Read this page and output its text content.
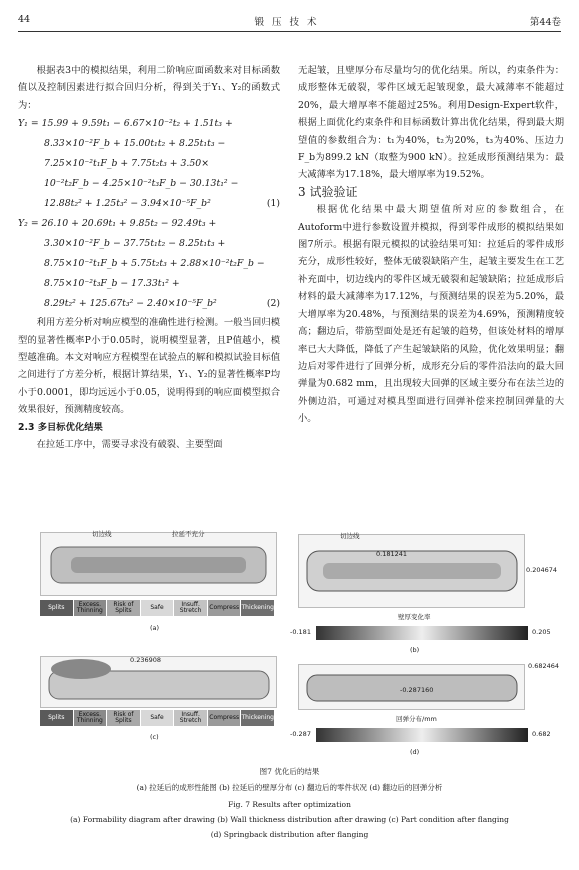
44	锻压技术	第44卷

根据表3中的模拟结果，利用二阶响应面函数来对目标函数值以及控制因素进行拟合回归分析，得到关于Y₁、Y₂的函数式为：

Y₁ = 15.99 + 9.59t₁ − 6.67×10⁻²t₂ + 1.51t₃ +
8.33×10⁻²F_b + 15.00t₁t₂ + 8.25t₁t₃ −
7.25×10⁻²t₁F_b + 7.75t₂t₃ + 3.50×
10⁻²t₂F_b − 4.25×10⁻²t₃F_b − 30.13t₁² −
12.88t₂² + 1.25t₃² − 3.94×10⁻⁵F_b²	(1)
Y₂ = 26.10 + 20.69t₁ + 9.85t₂ − 92.49t₃ +
3.30×10⁻²F_b − 37.75t₁t₂ − 8.25t₁t₃ +
8.75×10⁻²t₁F_b + 5.75t₂t₃ + 2.88×10⁻²t₂F_b −
8.75×10⁻²t₃F_b − 17.33t₁² +
8.29t₂² + 125.67t₃² − 2.40×10⁻⁵F_b²	(2)

利用方差分析对响应模型的准确性进行检测。一般当回归模型的显著性概率P小于0.05时，说明模型显著，且P值越小，模型越准确。本文对响应方程模型在试验点的解和模拟试验目标值之间进行了方差分析，根据计算结果，Y₁、Y₂的显著性概率P均小于0.0001，即均远远小于0.05，说明得到的响应面模型拟合效果很好，预测精度较高。

2.3 多目标优化结果

在拉延工序中，需要寻求没有破裂、主要型面

无起皱，且壁厚分布尽量均匀的优化结果。所以，约束条件为：成形整体无破裂，零件区域无起皱现象，最大减薄率不能超过20%，最大增厚率不能超过25%。利用Design-Expert软件，根据上面优化约束条件和目标函数计算出优化结果，得到最大期望值的参数组合为：t₁为40%，t₂为20%，t₃为40%、压边力F_b为899.2 kN（取整为900 kN）。拉延成形预测结果为：最大减薄率为17.18%，最大增厚率为19.52%。

3 试验验证

根据优化结果中最大期望值所对应的参数组合，在Autoform中进行参数设置并模拟，得到零件成形的模拟结果如图7所示。根据有限元模拟的试验结果可知：拉延后的零件成形充分，成形性较好，整体无破裂缺陷产生，起皱主要发生在工艺补充面中，切边线内的零件区域无破裂和起皱缺陷；拉延成形后材料的最大减薄率为17.12%，与预测结果的误差为5.20%，最大增厚率为20.48%，与预测结果的误差为4.69%，预测精度较高；翻边后，带筋型面处是还有起皱的趋势，但该处材料的增厚率已大大降低，降低了产生起皱缺陷的风险，优化效果明显；翻边后对零件进行了回弹分析，成形充分后的零件沿法向的最大回弹量为0.682 mm，且出现较大回弹的区域主要分布在法兰边的外侧边沿，可通过对模具型面进行回弹补偿来控制回弹量的大小。

切边线	拉延不充分
Splits	Excess. Thinning
Risk of Splits	Safe	Insuff. Stretch	Compress Thickening
(a)
切边线
0.181241
0.204674
壁厚变化率
-0.181	0.205
(b)
0.236908
Splits	Excess. Thinning
Risk of Splits	Safe	Insuff. Stretch	Compress Thickening
(c)
0.682464
-0.287160
回弹分布/mm
-0.287	0.682
(d)
图7 优化后的结果
(a) 拉延后的成形性能图 (b) 拉延后的壁厚分布 (c) 翻边后的零件状况 (d) 翻边后的回弹分析
Fig. 7 Results after optimization
(a) Formability diagram after drawing (b) Wall thickness distribution after drawing (c) Part condition after flanging
(d) Springback distribution after flanging
